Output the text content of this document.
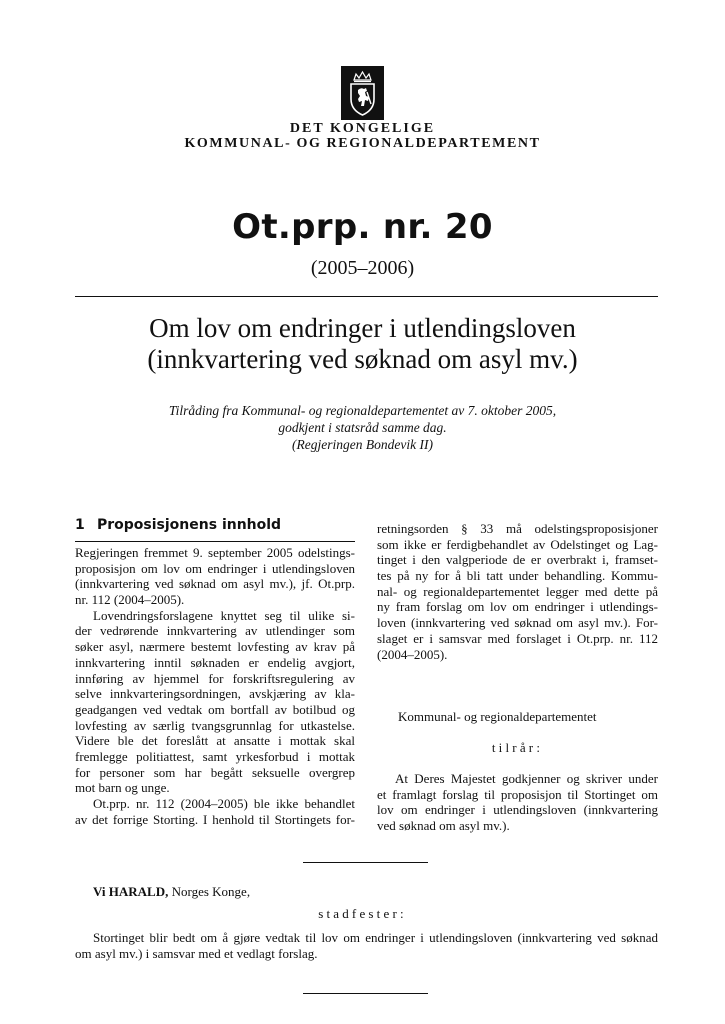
DET KONGELIGE
KOMMUNAL- OG REGIONALDEPARTEMENT
Ot.prp. nr. 20
(2005–2006)
Om lov om endringer i utlendingsloven
(innkvartering ved søknad om asyl mv.)
Tilråding fra Kommunal- og regionaldepartementet av 7. oktober 2005,
godkjent i statsråd samme dag.
(Regjeringen Bondevik II)
1 Proposisjonens innhold
Regjeringen fremmet 9. september 2005 odelstings-
proposisjon om lov om endringer i utlendingsloven
(innkvartering ved søknad om asyl mv.), jf. Ot.prp.
nr. 112 (2004–2005).
Lovendringsforslagene knyttet seg til ulike si-
der vedrørende innkvartering av utlendinger som
søker asyl, nærmere bestemt lovfesting av krav på
innkvartering inntil søknaden er endelig avgjort,
innføring av hjemmel for forskriftsregulering av
selve innkvarteringsordningen, avskjæring av kla-
geadgangen ved vedtak om bortfall av botilbud og
lovfesting av særlig tvangsgrunnlag for utkastelse.
Videre ble det foreslått at ansatte i mottak skal
fremlegge politiattest, samt yrkesforbud i mottak
for personer som har begått seksuelle overgrep
mot barn og unge.
Ot.prp. nr. 112 (2004–2005) ble ikke behandlet
av det forrige Storting. I henhold til Stortingets for-
retningsorden § 33 må odelstingsproposisjoner
som ikke er ferdigbehandlet av Odelstinget og Lag-
tinget i den valgperiode de er overbrakt i, framset-
tes på ny for å bli tatt under behandling. Kommu-
nal- og regionaldepartementet legger med dette på
ny fram forslag om lov om endringer i utlendings-
loven (innkvartering ved søknad om asyl mv.). For-
slaget er i samsvar med forslaget i Ot.prp. nr. 112
(2004–2005).
Kommunal- og regionaldepartementet
tilrår:
At Deres Majestet godkjenner og skriver under
et framlagt forslag til proposisjon til Stortinget om
lov om endringer i utlendingsloven (innkvartering
ved søknad om asyl mv.).
Vi HARALD, Norges Konge,
stadfester:
Stortinget blir bedt om å gjøre vedtak til lov om endringer i utlendingsloven (innkvartering ved søknad
om asyl mv.) i samsvar med et vedlagt forslag.
